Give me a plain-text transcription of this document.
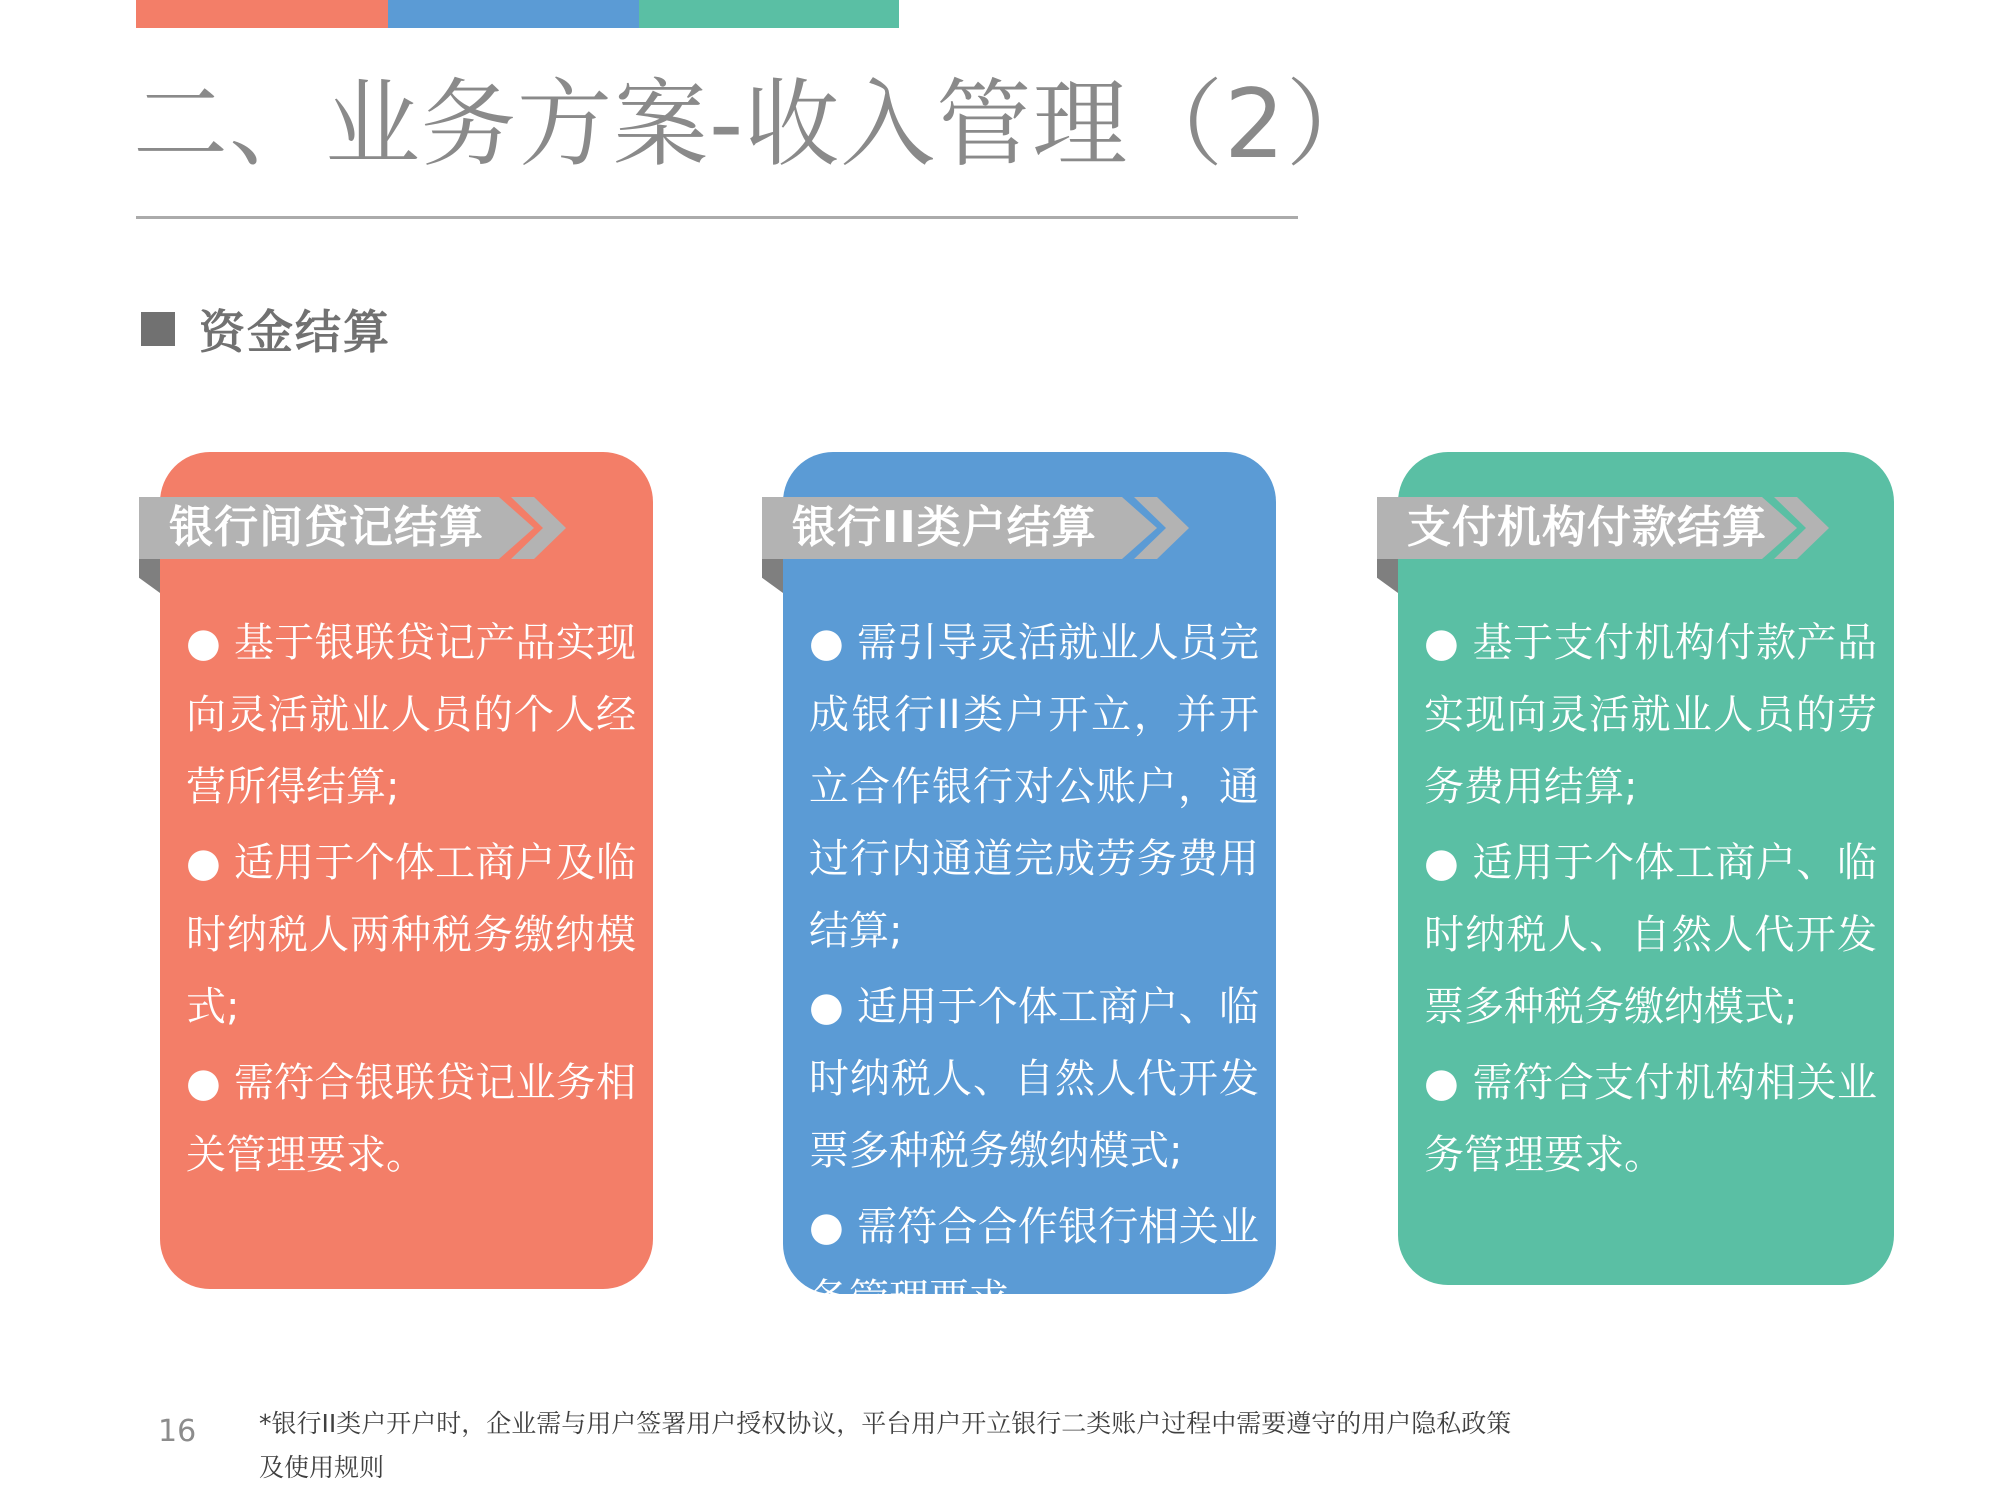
二、业务方案-收入管理（2）
资金结算
银行间贷记结算

● 基于银联贷记产品实现向灵活就业人员的个人经营所得结算;

● 适用于个体工商户及临时纳税人两种税务缴纳模式;

● 需符合银联贷记业务相关管理要求。

银行II类户结算

● 需引导灵活就业人员完成银行II类户开立，并开立合作银行对公账户，通过行内通道完成劳务费用结算;

● 适用于个体工商户、临时纳税人、自然人代开发票多种税务缴纳模式;

● 需符合合作银行相关业务管理要求。

支付机构付款结算

● 基于支付机构付款产品实现向灵活就业人员的劳务费用结算;

● 适用于个体工商户、临时纳税人、自然人代开发票多种税务缴纳模式;

● 需符合支付机构相关业务管理要求。

16	*银行II类户开户时，企业需与用户签署用户授权协议，平台用户开立银行二类账户过程中需要遵守的用户隐私政策及使用规则
